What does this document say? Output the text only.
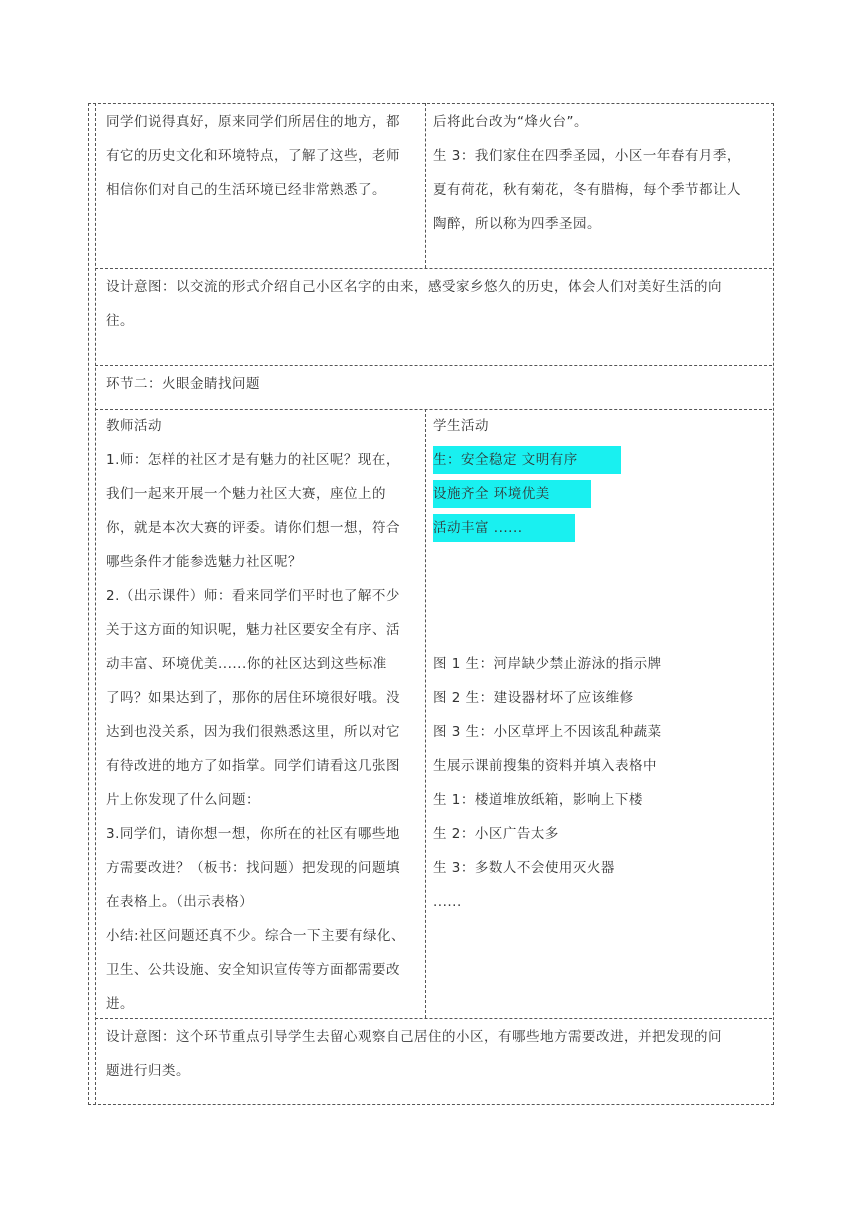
同学们说得真好，原来同学们所居住的地方，都
有它的历史文化和环境特点，了解了这些，老师
相信你们对自己的生活环境已经非常熟悉了。
后将此台改为“烽火台”。
生 3：我们家住在四季圣园，小区一年春有月季，
夏有荷花，秋有菊花，冬有腊梅，每个季节都让人
陶醉，所以称为四季圣园。
设计意图：以交流的形式介绍自己小区名字的由来，感受家乡悠久的历史，体会人们对美好生活的向
往。
环节二：火眼金睛找问题
教师活动
1.师：怎样的社区才是有魅力的社区呢？现在，
我们一起来开展一个魅力社区大赛，座位上的
你，就是本次大赛的评委。请你们想一想，符合
哪些条件才能参选魅力社区呢？
2.（出示课件）师：看来同学们平时也了解不少
关于这方面的知识呢，魅力社区要安全有序、活
动丰富、环境优美......你的社区达到这些标准
了吗？如果达到了，那你的居住环境很好哦。没
达到也没关系，因为我们很熟悉这里，所以对它
有待改进的地方了如指掌。同学们请看这几张图
片上你发现了什么问题：
3.同学们，请你想一想，你所在的社区有哪些地
方需要改进？（板书：找问题）把发现的问题填
在表格上。（出示表格）
小结:社区问题还真不少。综合一下主要有绿化、
卫生、公共设施、安全知识宣传等方面都需要改
进。
学生活动
生：安全稳定 文明有序
设施齐全 环境优美
活动丰富 ......
图 1 生：河岸缺少禁止游泳的指示牌
图 2 生：建设器材坏了应该维修
图 3 生：小区草坪上不因该乱种蔬菜
生展示课前搜集的资料并填入表格中
生 1：楼道堆放纸箱，影响上下楼
生 2：小区广告太多
生 3：多数人不会使用灭火器
......
设计意图：这个环节重点引导学生去留心观察自己居住的小区，有哪些地方需要改进，并把发现的问
题进行归类。
